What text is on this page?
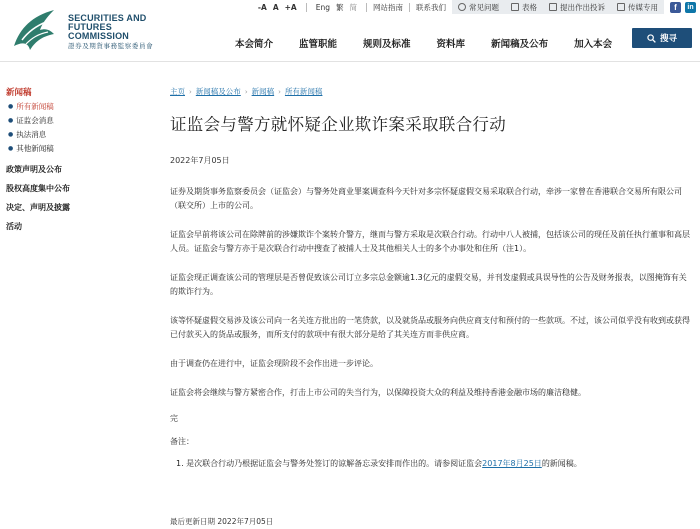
SECURITIES AND
FUTURES COMMISSION
證券及期貨事務監察委員會
-A A +A	Eng 繁 简	网站指南	联系我们	常见问题	表格	提出作出投诉	传媒专用	f	in
本会简介	监管职能	规则及标准	资料库	新闻稿及公布	加入本会	搜寻
新闻稿
● 所有新闻稿
● 证监会消息
● 执法消息
● 其他新闻稿
政策声明及公布
股权高度集中公布
决定、声明及披露
活动
主页 › 新闻稿及公布 › 新闻稿 › 所有新闻稿
证监会与警方就怀疑企业欺诈案采取联合行动
2022年7月05日

证券及期货事务监察委员会（证监会）与警务处商业罪案调查科今天针对多宗怀疑虚假交易采取联合行动，牵涉一家曾在香港联合交易所有限公司（联交所）上市的公司。

证监会早前将该公司在除牌前的涉嫌欺诈个案转介警方，继而与警方采取是次联合行动。行动中八人被捕，包括该公司的现任及前任执行董事和高层人员。证监会与警方亦于是次联合行动中搜查了被捕人士及其他相关人士的多个办事处和住所（注1）。

证监会现正调查该公司的管理层是否曾促致该公司订立多宗总金额逾1.3亿元的虚假交易，并刊发虚假或具误导性的公告及财务报表，以图掩饰有关的欺诈行为。

该等怀疑虚假交易涉及该公司向一名关连方批出的一笔贷款，以及就货品或服务向供应商支付和预付的一些款项。不过，该公司似乎没有收到或获得已付款买入的货品或服务，而所支付的款项中有很大部分是给了其关连方而非供应商。

由于调查仍在进行中，证监会现阶段不会作出进一步评论。

证监会将会继续与警方紧密合作，打击上市公司的失当行为，以保障投资大众的利益及维持香港金融市场的廉洁稳健。

完
备注：
1. 是次联合行动乃根据证监会与警务处签订的谅解备忘录安排而作出的。请参阅证监会2017年8月25日的新闻稿。
最后更新日期 2022年7月05日
